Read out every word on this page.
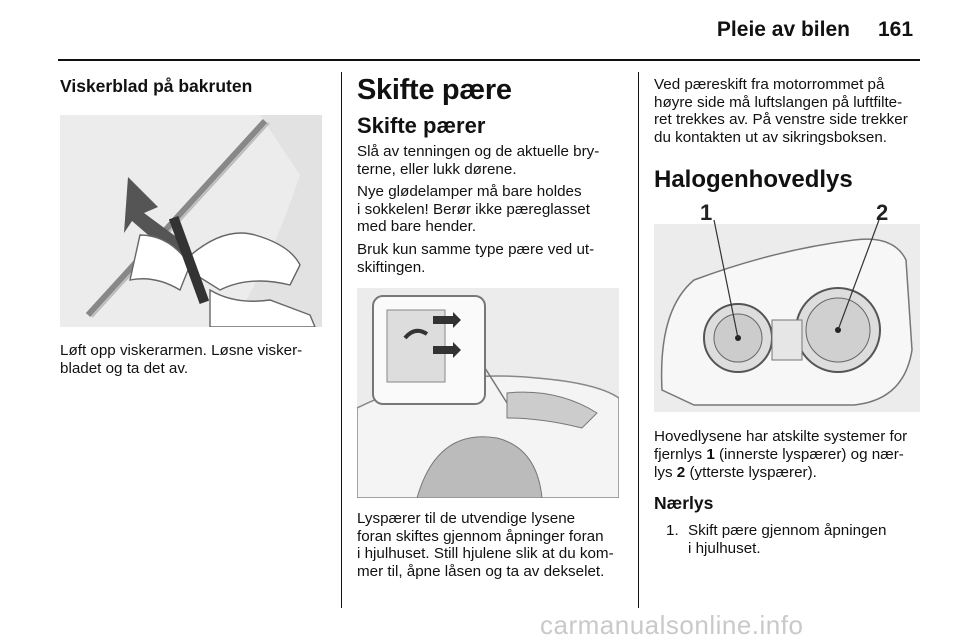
Pleie av bilen 161
Viskerblad på bakruten

Løft opp viskerarmen. Løsne visker-
bladet og ta det av.

Skifte pære
Skifte pærer

Slå av tenningen og de aktuelle bry-
terne, eller lukk dørene.

Nye glødelamper må bare holdes
i sokkelen! Berør ikke pæreglasset
med bare hender.

Bruk kun samme type pære ved ut-
skiftingen.

Lyspærer til de utvendige lysene
foran skiftes gjennom åpninger foran
i hjulhuset. Still hjulene slik at du kom-
mer til, åpne låsen og ta av dekselet.

Ved pæreskift fra motorrommet på
høyre side må luftslangen på luftfilte-
ret trekkes av. På venstre side trekker
du kontakten ut av sikringsboksen.

Halogenhovedlys
1	2

Hovedlysene har atskilte systemer for
fjernlys 1 (innerste lyspærer) og nær-
lys 2 (ytterste lyspærer).

Nærlys
1. Skift pære gjennom åpningen
i hjulhuset.
carmanualsonline.info
